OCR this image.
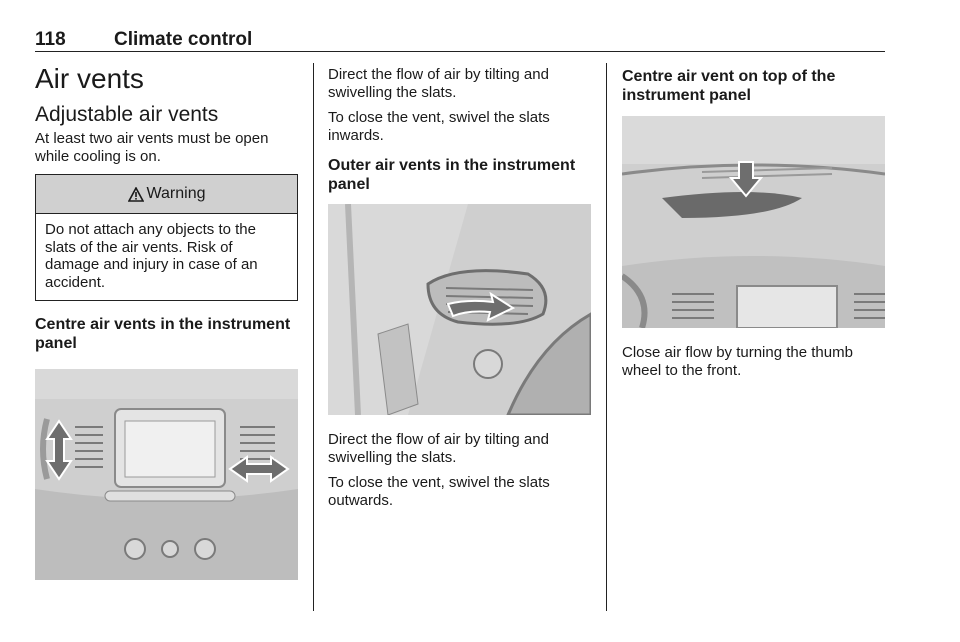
118	Climate control
Air vents
Adjustable air vents

At least two air vents must be open while cooling is on.

Warning

Do not attach any objects to the slats of the air vents. Risk of damage and injury in case of an accident.

Centre air vents in the instrument panel

Direct the flow of air by tilting and swivelling the slats.

To close the vent, swivel the slats inwards.

Outer air vents in the instrument panel

Direct the flow of air by tilting and swivelling the slats.

To close the vent, swivel the slats outwards.

Centre air vent on top of the instrument panel

Close air flow by turning the thumb wheel to the front.
